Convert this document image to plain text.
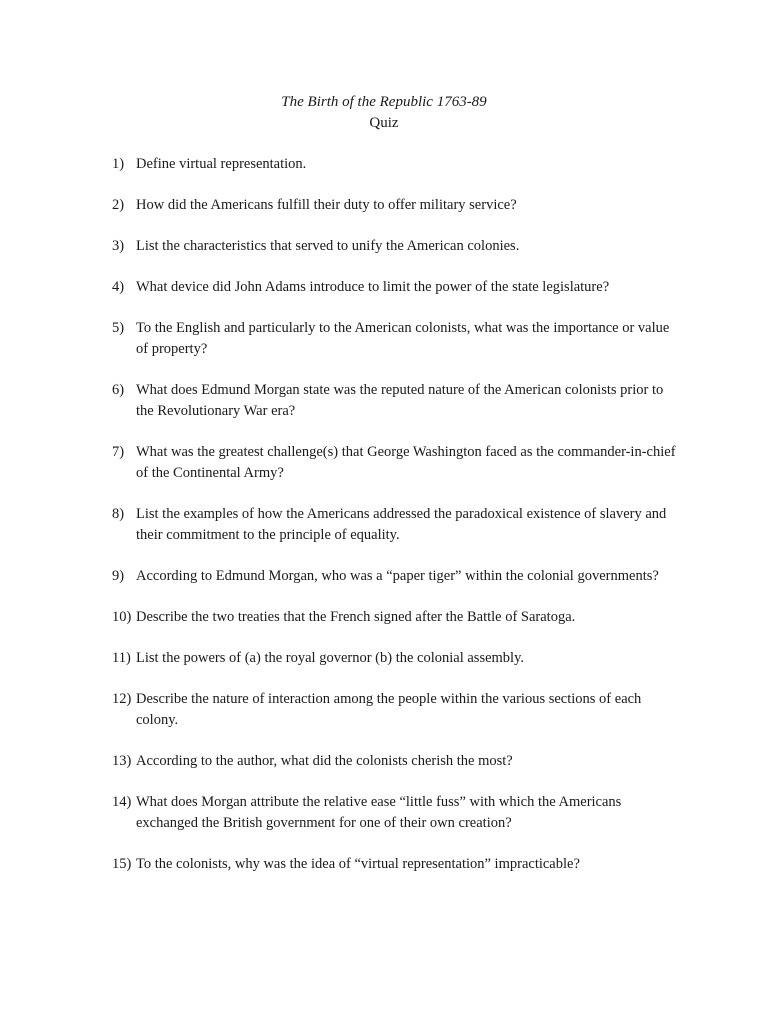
The Birth of the Republic 1763-89
Quiz
1) Define virtual representation.
2) How did the Americans fulfill their duty to offer military service?
3) List the characteristics that served to unify the American colonies.
4) What device did John Adams introduce to limit the power of the state legislature?
5) To the English and particularly to the American colonists, what was the importance or value of property?
6) What does Edmund Morgan state was the reputed nature of the American colonists prior to the Revolutionary War era?
7) What was the greatest challenge(s) that George Washington faced as the commander-in-chief of the Continental Army?
8) List the examples of how the Americans addressed the paradoxical existence of slavery and their commitment to the principle of equality.
9) According to Edmund Morgan, who was a “paper tiger” within the colonial governments?
10) Describe the two treaties that the French signed after the Battle of Saratoga.
11) List the powers of (a) the royal governor (b) the colonial assembly.
12) Describe the nature of interaction among the people within the various sections of each colony.
13) According to the author, what did the colonists cherish the most?
14) What does Morgan attribute the relative ease “little fuss” with which the Americans exchanged the British government for one of their own creation?
15) To the colonists, why was the idea of “virtual representation” impracticable?
